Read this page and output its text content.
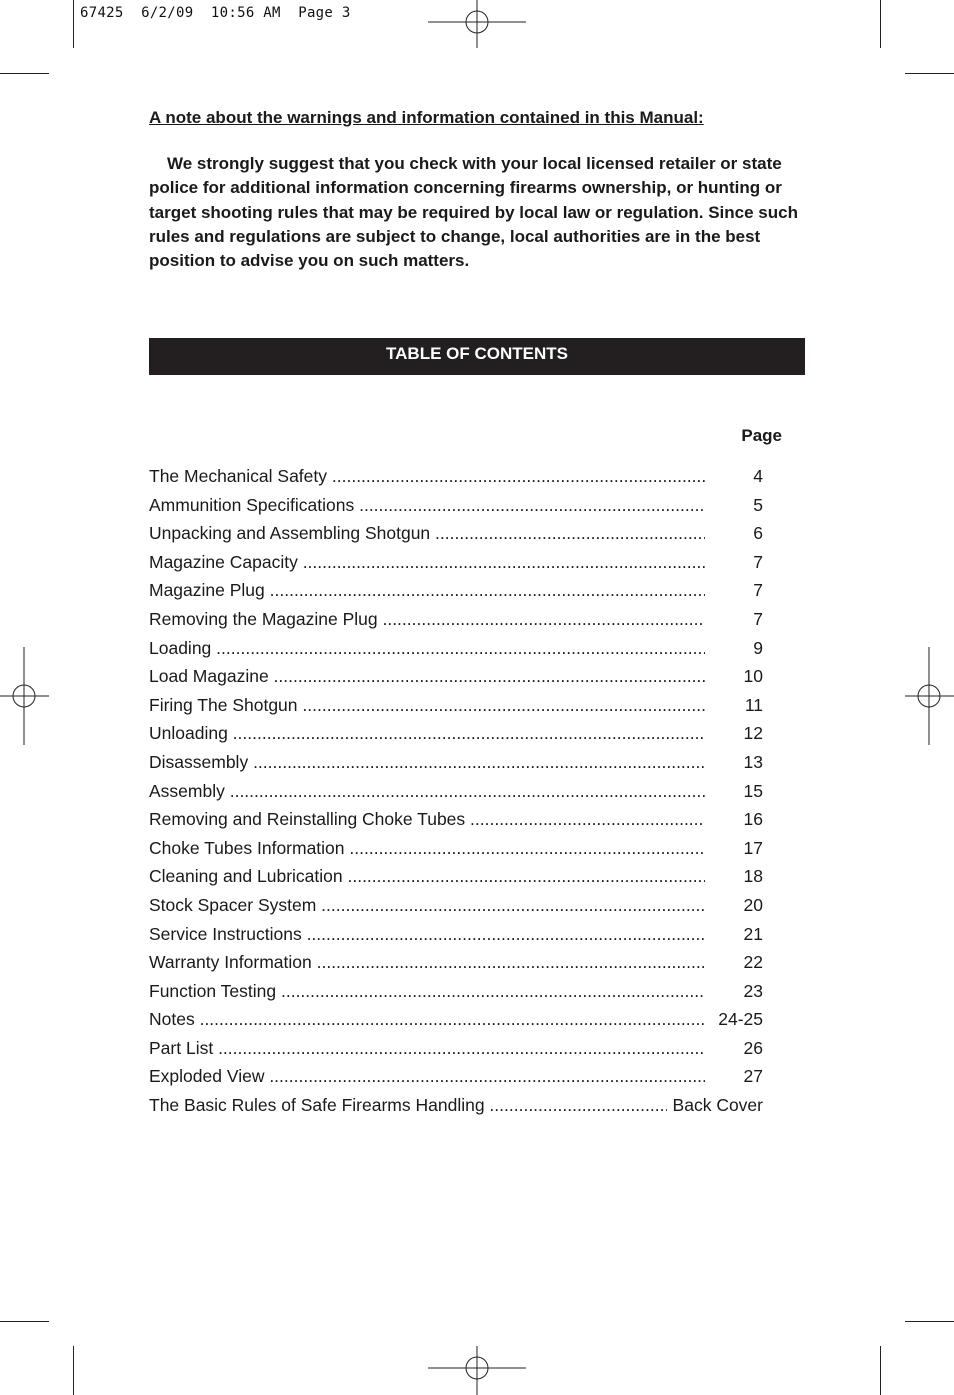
67425  6/2/09  10:56 AM  Page 3
A note about the warnings and information contained in this Manual:
We strongly suggest that you check with your local licensed retailer or state police for additional information concerning firearms ownership, or hunting or target shooting rules that may be required by local law or regulation. Since such rules and regulations are subject to change, local authorities are in the best position to advise you on such matters.
TABLE OF CONTENTS
Page
The Mechanical Safety .....	4
Ammunition Specifications .....	5
Unpacking and Assembling Shotgun .....	6
Magazine Capacity .....	7
Magazine Plug .....	7
Removing the Magazine Plug .....	7
Loading .....	9
Load Magazine .....	10
Firing The Shotgun .....	11
Unloading .....	12
Disassembly .....	13
Assembly .....	15
Removing and Reinstalling Choke Tubes .....	16
Choke Tubes Information .....	17
Cleaning and Lubrication .....	18
Stock Spacer System .....	20
Service Instructions .....	21
Warranty Information .....	22
Function Testing .....	23
Notes .....	24-25
Part List .....	26
Exploded View .....	27
The Basic Rules of Safe Firearms Handling .....	Back Cover
